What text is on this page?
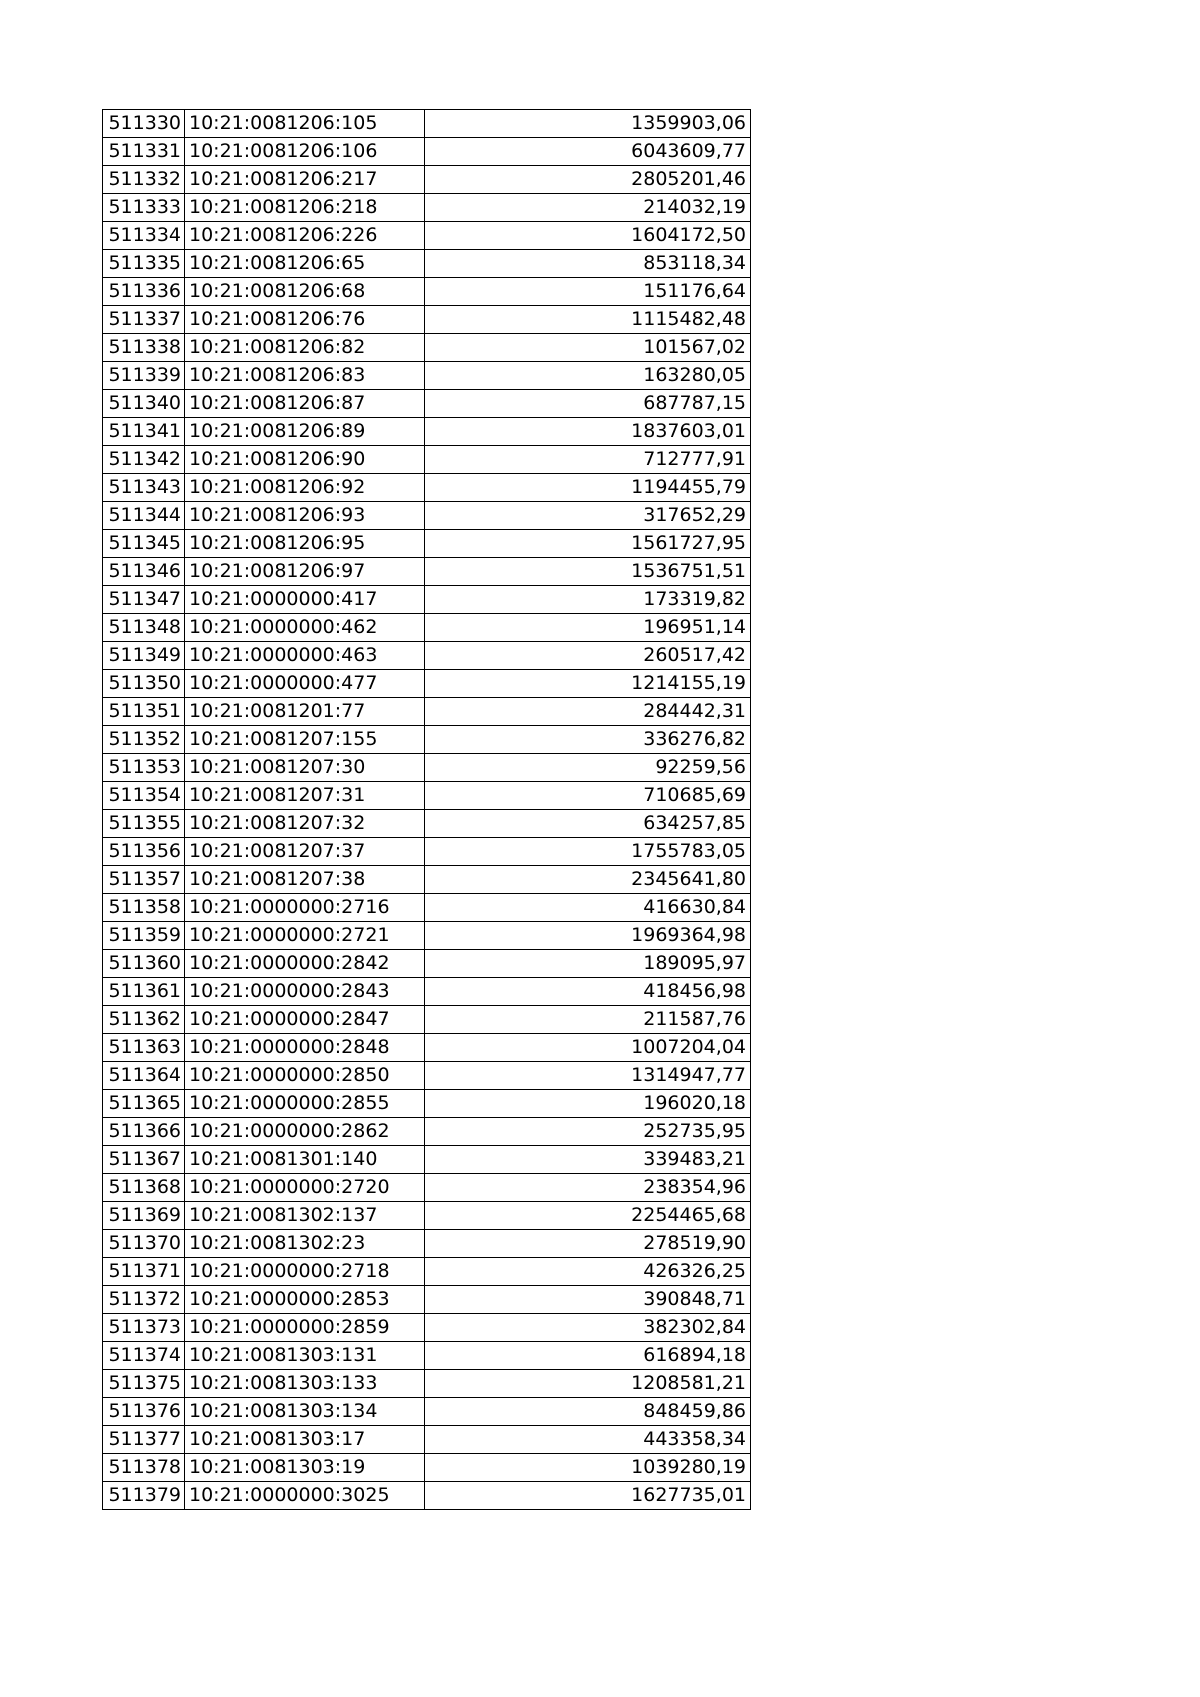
511330	10:21:0081206:105	1359903,06
511331	10:21:0081206:106	6043609,77
511332	10:21:0081206:217	2805201,46
511333	10:21:0081206:218	214032,19
511334	10:21:0081206:226	1604172,50
511335	10:21:0081206:65	853118,34
511336	10:21:0081206:68	151176,64
511337	10:21:0081206:76	1115482,48
511338	10:21:0081206:82	101567,02
511339	10:21:0081206:83	163280,05
511340	10:21:0081206:87	687787,15
511341	10:21:0081206:89	1837603,01
511342	10:21:0081206:90	712777,91
511343	10:21:0081206:92	1194455,79
511344	10:21:0081206:93	317652,29
511345	10:21:0081206:95	1561727,95
511346	10:21:0081206:97	1536751,51
511347	10:21:0000000:417	173319,82
511348	10:21:0000000:462	196951,14
511349	10:21:0000000:463	260517,42
511350	10:21:0000000:477	1214155,19
511351	10:21:0081201:77	284442,31
511352	10:21:0081207:155	336276,82
511353	10:21:0081207:30	92259,56
511354	10:21:0081207:31	710685,69
511355	10:21:0081207:32	634257,85
511356	10:21:0081207:37	1755783,05
511357	10:21:0081207:38	2345641,80
511358	10:21:0000000:2716	416630,84
511359	10:21:0000000:2721	1969364,98
511360	10:21:0000000:2842	189095,97
511361	10:21:0000000:2843	418456,98
511362	10:21:0000000:2847	211587,76
511363	10:21:0000000:2848	1007204,04
511364	10:21:0000000:2850	1314947,77
511365	10:21:0000000:2855	196020,18
511366	10:21:0000000:2862	252735,95
511367	10:21:0081301:140	339483,21
511368	10:21:0000000:2720	238354,96
511369	10:21:0081302:137	2254465,68
511370	10:21:0081302:23	278519,90
511371	10:21:0000000:2718	426326,25
511372	10:21:0000000:2853	390848,71
511373	10:21:0000000:2859	382302,84
511374	10:21:0081303:131	616894,18
511375	10:21:0081303:133	1208581,21
511376	10:21:0081303:134	848459,86
511377	10:21:0081303:17	443358,34
511378	10:21:0081303:19	1039280,19
511379	10:21:0000000:3025	1627735,01
